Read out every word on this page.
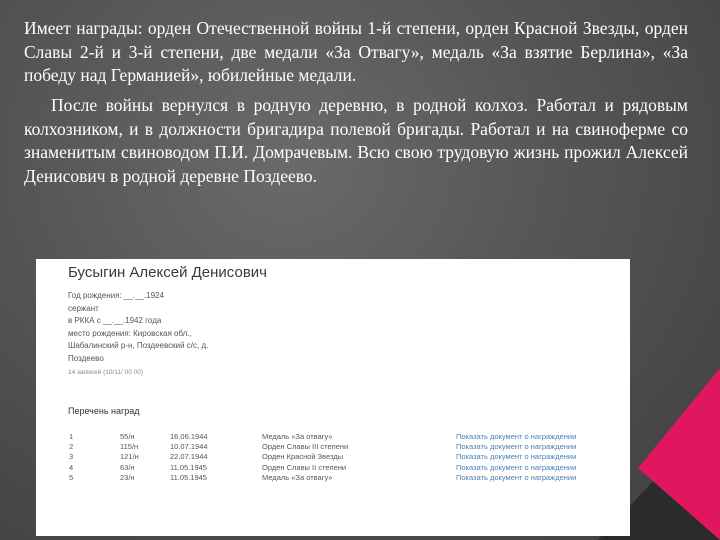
Имеет награды: орден Отечественной войны 1-й степени, орден Красной Звезды, орден Славы 2-й и 3-й степени, две медали «За Отвагу», медаль «За взятие Берлина», «За победу над Германией», юбилейные медали.

После войны вернулся в родную деревню, в родной колхоз. Работал и рядовым колхозником, и в должности бригадира полевой бригады. Работал и на свиноферме со знаменитым свиноводом П.И. Домрачевым. Всю свою трудовую жизнь прожил Алексей Денисович в родной деревне Поздеево.

Бусыгин Алексей Денисович
Год рождения: __.__.1924
сержант
в РККА с __.__.1942 года
место рождения: Кировская обл.,
Шабалинский р-н, Поздеевский с/с, д.
Поздеево
14 записей (10/11/ 00 00)
Перечень наград
1	55/н	16.06.1944	Медаль «За отвагу»	Показать документ о награждении
2	115/н	10.07.1944	Орден Славы III степени	Показать документ о награждении
3	121/н	22.07.1944	Орден Красной Звезды	Показать документ о награждении
4	63/н	11.05.1945	Орден Славы II степени	Показать документ о награждении
5	23/н	11.05.1945	Медаль «За отвагу»	Показать документ о награждении
